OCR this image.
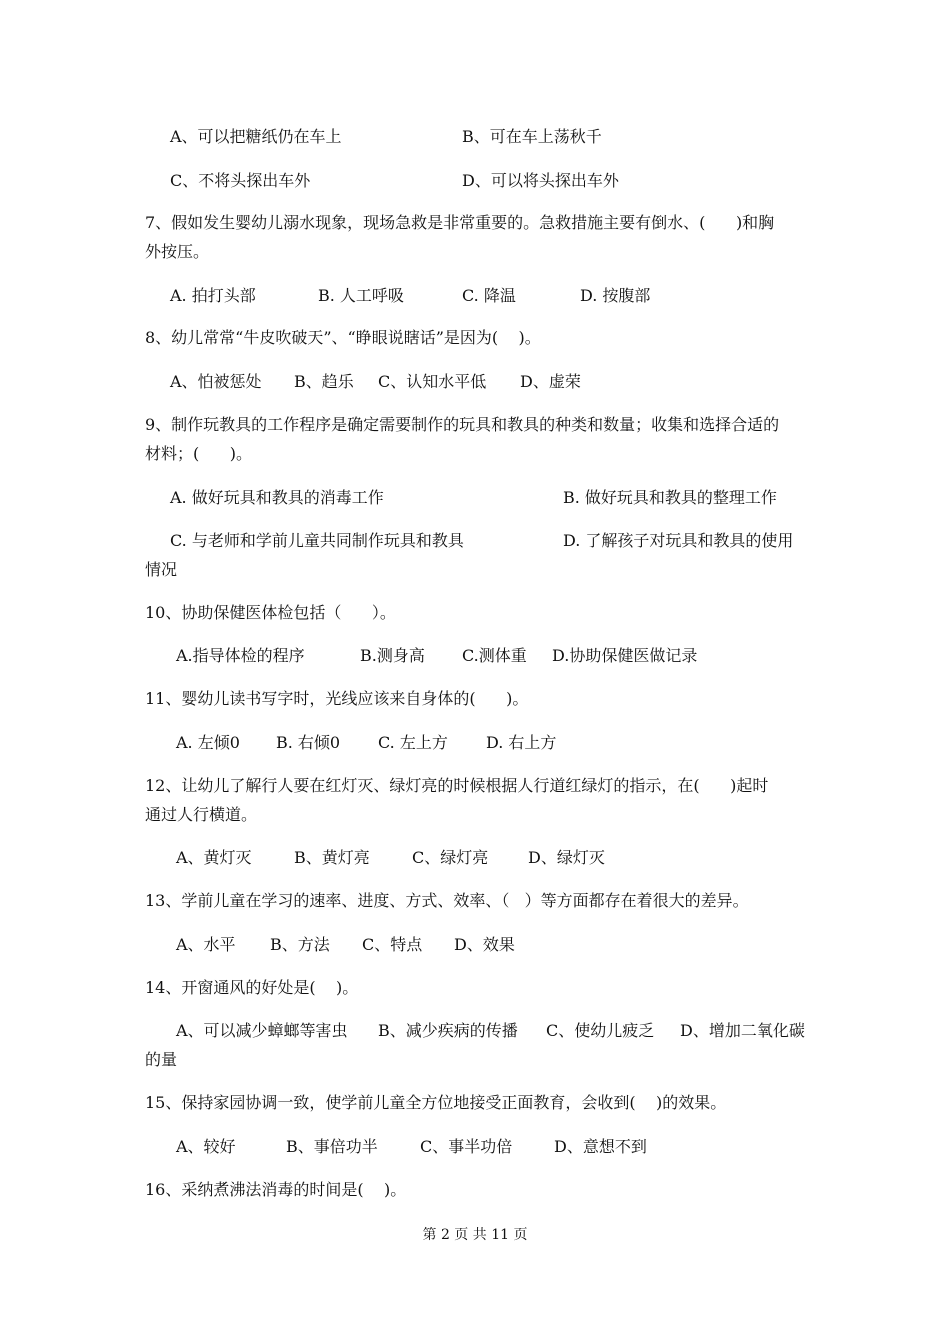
A、可以把糖纸仍在车上	B、可在车上荡秋千
C、不将头探出车外	D、可以将头探出车外
7、假如发生婴幼儿溺水现象，现场急救是非常重要的。急救措施主要有倒水、(      )和胸
外按压。
A. 拍打头部	B. 人工呼吸	C. 降温	D. 按腹部
8、幼儿常常“牛皮吹破天”、“睁眼说瞎话”是因为(    )。
A、怕被惩处 B、趋乐 C、认知水平低 D、虚荣
9、制作玩教具的工作程序是确定需要制作的玩具和教具的种类和数量；收集和选择合适的
材料；(      )。
A. 做好玩具和教具的消毒工作	B. 做好玩具和教具的整理工作
C. 与老师和学前儿童共同制作玩具和教具	D. 了解孩子对玩具和教具的使用
情况
10、协助保健医体检包括（      ）。
A.指导体检的程序	B.测身高 C.测体重 D.协助保健医做记录
11、婴幼儿读书写字时，光线应该来自身体的(      )。
A. 左倾0 B. 右倾0 C. 左上方 D. 右上方
12、让幼儿了解行人要在红灯灭、绿灯亮的时候根据人行道红绿灯的指示，在(      )起时
通过人行横道。
A、黄灯灭	B、黄灯亮	C、绿灯亮 D、绿灯灭
13、学前儿童在学习的速率、进度、方式、效率、（   ）等方面都存在着很大的差异。
A、水平 B、方法 C、特点 D、效果
14、开窗通风的好处是(    )。
A、可以减少蟑螂等害虫 B、减少疾病的传播 C、使幼儿疲乏 D、增加二氧化碳
的量
15、保持家园协调一致，使学前儿童全方位地接受正面教育，会收到(    )的效果。
A、较好	B、事倍功半	C、事半功倍	D、意想不到
16、采纳煮沸法消毒的时间是(    )。
第 2 页 共 11 页
